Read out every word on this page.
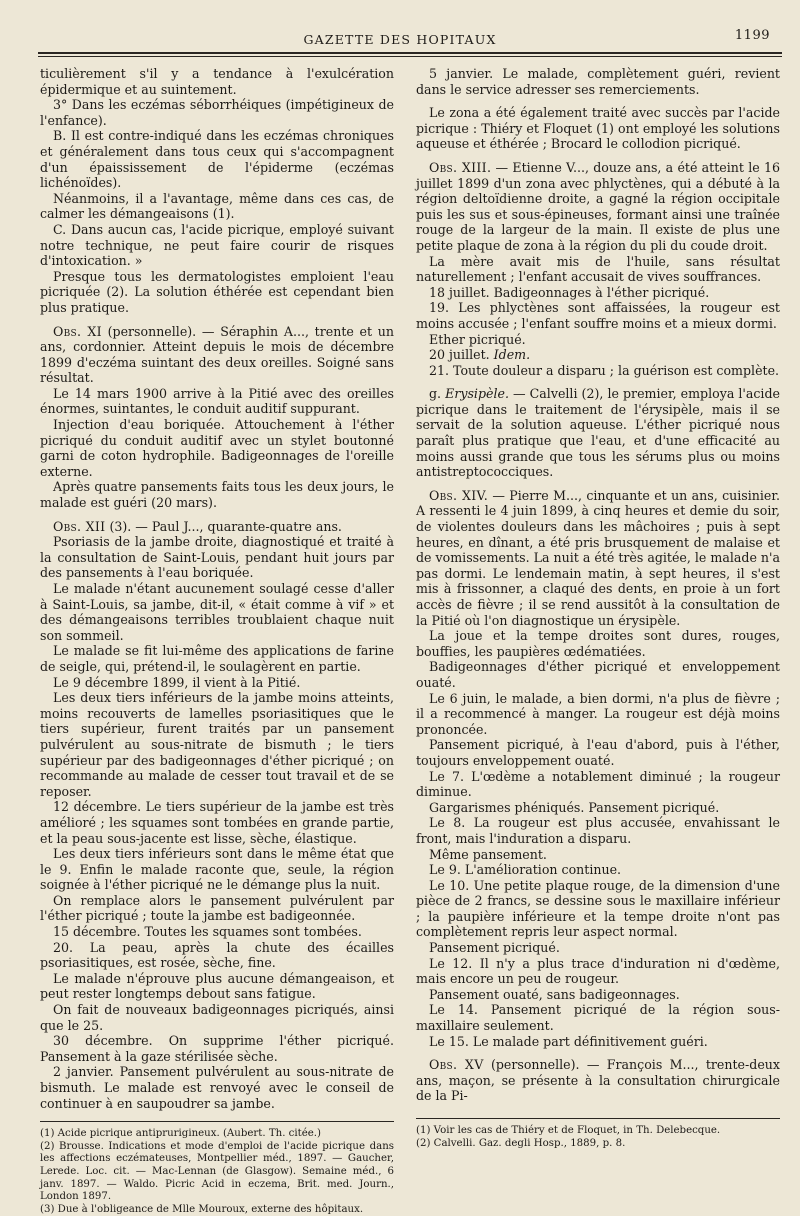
GAZETTE DES HOPITAUX	1199

ticulièrement s'il y a tendance à l'exulcération épidermique et au suintement.

3° Dans les eczémas séborrhéiques (impétigineux de l'enfance).

B. Il est contre-indiqué dans les eczémas chroniques et généralement dans tous ceux qui s'accompagnent d'un épaississement de l'épiderme (eczémas lichénoïdes).

Néanmoins, il a l'avantage, même dans ces cas, de calmer les démangeaisons (1).

C. Dans aucun cas, l'acide picrique, employé suivant notre technique, ne peut faire courir de risques d'intoxication. »

Presque tous les dermatologistes emploient l'eau picriquée (2). La solution éthérée est cependant bien plus pratique.

Obs. XI (personnelle). — Séraphin A..., trente et un ans, cordonnier. Atteint depuis le mois de décembre 1899 d'eczéma suintant des deux oreilles. Soigné sans résultat.

Le 14 mars 1900 arrive à la Pitié avec des oreilles énormes, suintantes, le conduit auditif suppurant.

Injection d'eau boriquée. Attouchement à l'éther picriqué du conduit auditif avec un stylet boutonné garni de coton hydrophile. Badigeonnages de l'oreille externe.

Après quatre pansements faits tous les deux jours, le malade est guéri (20 mars).

Obs. XII (3). — Paul J..., quarante-quatre ans.

Psoriasis de la jambe droite, diagnostiqué et traité à la consultation de Saint-Louis, pendant huit jours par des pansements à l'eau boriquée.

Le malade n'étant aucunement soulagé cesse d'aller à Saint-Louis, sa jambe, dit-il, « était comme à vif » et des démangeaisons terribles troublaient chaque nuit son sommeil.

Le malade se fit lui-même des applications de farine de seigle, qui, prétend-il, le soulagèrent en partie.

Le 9 décembre 1899, il vient à la Pitié.

Les deux tiers inférieurs de la jambe moins atteints, moins recouverts de lamelles psoriasitiques que le tiers supérieur, furent traités par un pansement pulvérulent au sous-nitrate de bismuth ; le tiers supérieur par des badigeonnages d'éther picriqué ; on recommande au malade de cesser tout travail et de se reposer.

12 décembre. Le tiers supérieur de la jambe est très amélioré ; les squames sont tombées en grande partie, et la peau sous-jacente est lisse, sèche, élastique.

Les deux tiers inférieurs sont dans le même état que le 9. Enfin le malade raconte que, seule, la région soignée à l'éther picriqué ne le démange plus la nuit.

On remplace alors le pansement pulvérulent par l'éther picriqué ; toute la jambe est badigeonnée.

15 décembre. Toutes les squames sont tombées.

20. La peau, après la chute des écailles psoriasitiques, est rosée, sèche, fine.

Le malade n'éprouve plus aucune démangeaison, et peut rester longtemps debout sans fatigue.

On fait de nouveaux badigeonnages picriqués, ainsi que le 25.

30 décembre. On supprime l'éther picriqué. Pansement à la gaze stérilisée sèche.

2 janvier. Pansement pulvérulent au sous-nitrate de bismuth. Le malade est renvoyé avec le conseil de continuer à en saupoudrer sa jambe.

(1) Acide picrique antiprurigineux. (Aubert. Th. citée.)

(2) Brousse. Indications et mode d'emploi de l'acide picrique dans les affections eczémateuses, Montpellier méd., 1897. — Gaucher, Lerede. Loc. cit. — Mac-Lennan (de Glasgow). Semaine méd., 6 janv. 1897. — Waldo. Picric Acid in eczema, Brit. med. Journ., London 1897.

(3) Due à l'obligeance de Mlle Mouroux, externe des hôpitaux.

5 janvier. Le malade, complètement guéri, revient dans le service adresser ses remerciements.

Le zona a été également traité avec succès par l'acide picrique : Thiéry et Floquet (1) ont employé les solutions aqueuse et éthérée ; Brocard le collodion picriqué.

Obs. XIII. — Etienne V..., douze ans, a été atteint le 16 juillet 1899 d'un zona avec phlyctènes, qui a débuté à la région deltoïdienne droite, a gagné la région occipitale puis les sus et sous-épineuses, formant ainsi une traînée rouge de la largeur de la main. Il existe de plus une petite plaque de zona à la région du pli du coude droit.

La mère avait mis de l'huile, sans résultat naturellement ; l'enfant accusait de vives souffrances.

18 juillet. Badigeonnages à l'éther picriqué.

19. Les phlyctènes sont affaissées, la rougeur est moins accusée ; l'enfant souffre moins et a mieux dormi.

Ether picriqué.

20 juillet. Idem.

21. Toute douleur a disparu ; la guérison est complète.

g. Erysipèle. — Calvelli (2), le premier, employa l'acide picrique dans le traitement de l'érysipèle, mais il se servait de la solution aqueuse. L'éther picriqué nous paraît plus pratique que l'eau, et d'une efficacité au moins aussi grande que tous les sérums plus ou moins antistreptococciques.

Obs. XIV. — Pierre M..., cinquante et un ans, cuisinier. A ressenti le 4 juin 1899, à cinq heures et demie du soir, de violentes douleurs dans les mâchoires ; puis à sept heures, en dînant, a été pris brusquement de malaise et de vomissements. La nuit a été très agitée, le malade n'a pas dormi. Le lendemain matin, à sept heures, il s'est mis à frissonner, a claqué des dents, en proie à un fort accès de fièvre ; il se rend aussitôt à la consultation de la Pitié où l'on diagnostique un érysipèle.

La joue et la tempe droites sont dures, rouges, bouffies, les paupières œdématiées.

Badigeonnages d'éther picriqué et enveloppement ouaté.

Le 6 juin, le malade, a bien dormi, n'a plus de fièvre ; il a recommencé à manger. La rougeur est déjà moins prononcée.

Pansement picriqué, à l'eau d'abord, puis à l'éther, toujours enveloppement ouaté.

Le 7. L'œdème a notablement diminué ; la rougeur diminue.

Gargarismes phéniqués. Pansement picriqué.

Le 8. La rougeur est plus accusée, envahissant le front, mais l'induration a disparu.

Même pansement.

Le 9. L'amélioration continue.

Le 10. Une petite plaque rouge, de la dimension d'une pièce de 2 francs, se dessine sous le maxillaire inférieur ; la paupière inférieure et la tempe droite n'ont pas complètement repris leur aspect normal.

Pansement picriqué.

Le 12. Il n'y a plus trace d'induration ni d'œdème, mais encore un peu de rougeur.

Pansement ouaté, sans badigeonnages.

Le 14. Pansement picriqué de la région sous-maxillaire seulement.

Le 15. Le malade part définitivement guéri.

Obs. XV (personnelle). — François M..., trente-deux ans, maçon, se présente à la consultation chirurgicale de la Pi-

(1) Voir les cas de Thiéry et de Floquet, in Th. Delebecque.

(2) Calvelli. Gaz. degli Hosp., 1889, p. 8.
